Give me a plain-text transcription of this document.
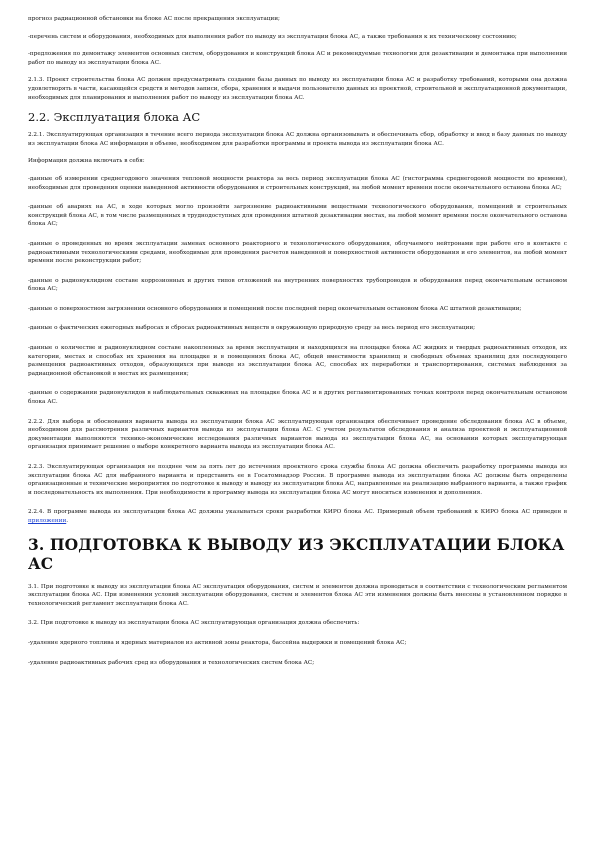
прогноз радиационной обстановки на блоке АС после прекращения эксплуатации;

-перечень систем и оборудования, необходимых для выполнения работ по выводу из эксплуатации блока АС, а также требования к их техническому состоянию;

-предложения по демонтажу элементов основных систем, оборудования и конструкций блока АС и рекомендуемые технологии для дезактивации и демонтажа при выполнении работ по выводу из эксплуатации блока АС.

2.1.3. Проект строительства блока АС должен предусматривать создание базы данных по выводу из эксплуатации блока АС и разработку требований, которыми она должна удовлетворять в части, касающейся средств и методов записи, сбора, хранения и выдачи пользователю данных из проектной, строительной и эксплуатационной документации, необходимых для планирования и выполнения работ по выводу из эксплуатации блока АС.

2.2. Эксплуатация блока АС

2.2.1. Эксплуатирующая организация в течение всего периода эксплуатации блока АС должна организовывать и обеспечивать сбор, обработку и ввод в базу данных по выводу из эксплуатации блока АС информации в объеме, необходимом для разработки программы и проекта вывода из эксплуатации блока АС.

Информация должна включать в себя:

-данные об измерении среднегодового значения тепловой мощности реактора за весь период эксплуатации блока АС (гистограмма среднегодовой мощности по времени), необходимые для проведения оценки наведенной активности оборудования и строительных конструкций, на любой момент времени после окончательного останова блока АС;

-данные об авариях на АС, в ходе которых могло произойти загрязнение радиоактивными веществами технологического оборудования, помещений и строительных конструкций блока АС, в том числе размещенных в труднодоступных для проведения штатной дезактивации местах, на любой момент времени после окончательного останова блока АС;

-данные о проведенных во время эксплуатации заменах основного реакторного и технологического оборудования, облучаемого нейтронами при работе его в контакте с радиоактивными технологическими средами, необходимые для проведения расчетов наведенной и поверхностной активности оборудования и его элементов, на любой момент времени после реконструкции работ;

-данные о радионуклидном составе коррозионных и других типов отложений на внутренних поверхностях трубопроводов и оборудования перед окончательным остановом блока АС;

-данные о поверхностном загрязнении основного оборудования и помещений после последней перед окончательным остановом блока АС штатной дезактивации;

-данные о фактических ежегодных выбросах и сбросах радиоактивных веществ в окружающую природную среду за весь период его эксплуатации;

-данные о количестве и радионуклидном составе накопленных за время эксплуатации и находящихся на площадке блока АС жидких и твердых радиоактивных отходов, их категории, местах и способах их хранения на площадке и в помещениях блока АС, общей вместимости хранилищ и свободных объемах хранилищ для последующего размещения радиоактивных отходов, образующихся при выводе из эксплуатации блока АС, способах их переработки и транспортирования, системах наблюдения за радиационной обстановкой в местах их размещения;

-данные о содержании радионуклидов в наблюдательных скважинах на площадке блока АС и в других регламентированных точках контроля перед окончательным остановом блока АС.

2.2.2. Для выбора и обоснования варианта вывода из эксплуатации блока АС эксплуатирующая организация обеспечивает проведение обследования блока АС в объеме, необходимом для рассмотрения различных вариантов вывода из эксплуатации блока АС. С учетом результатов обследования и анализа проектной и эксплуатационной документации выполняются технико-экономические исследования различных вариантов вывода из эксплуатации блока АС, на основании которых эксплуатирующая организация принимает решение о выборе конкретного варианта вывода из эксплуатации блока АС.

2.2.3. Эксплуатирующая организация не позднее чем за пять лет до истечения проектного срока службы блока АС должна обеспечить разработку программы вывода из эксплуатации блока АС для выбранного варианта и представить ее в Госатомнадзор России. В программе вывода из эксплуатации блока АС должны быть определены организационные и технические мероприятия по подготовке к выводу и выводу из эксплуатации блока АС, направленные на реализацию выбранного варианта, а также график и последовательность их выполнения. При необходимости в программу вывода из эксплуатации блока АС могут вноситься изменения и дополнения.

2.2.4. В программе вывода из эксплуатации блока АС должны указываться сроки разработки КИРО блока АС. Примерный объем требований к КИРО блока АС приведен в приложении.

3. ПОДГОТОВКА К ВЫВОДУ ИЗ ЭКСПЛУАТАЦИИ БЛОКА АС

3.1. При подготовке к выводу из эксплуатации блока АС эксплуатация оборудования, систем и элементов должна проводиться в соответствии с технологическим регламентом эксплуатации блока АС. При изменении условий эксплуатации оборудования, систем и элементов блока АС эти изменения должны быть внесены в установленном порядке в технологический регламент эксплуатации блока АС.

3.2. При подготовке к выводу из эксплуатации блока АС эксплуатирующая организация должна обеспечить:

-удаление ядерного топлива и ядерных материалов из активной зоны реактора, бассейна выдержки и помещений блока АС;

-удаление радиоактивных рабочих сред из оборудования и технологических систем блока АС;
